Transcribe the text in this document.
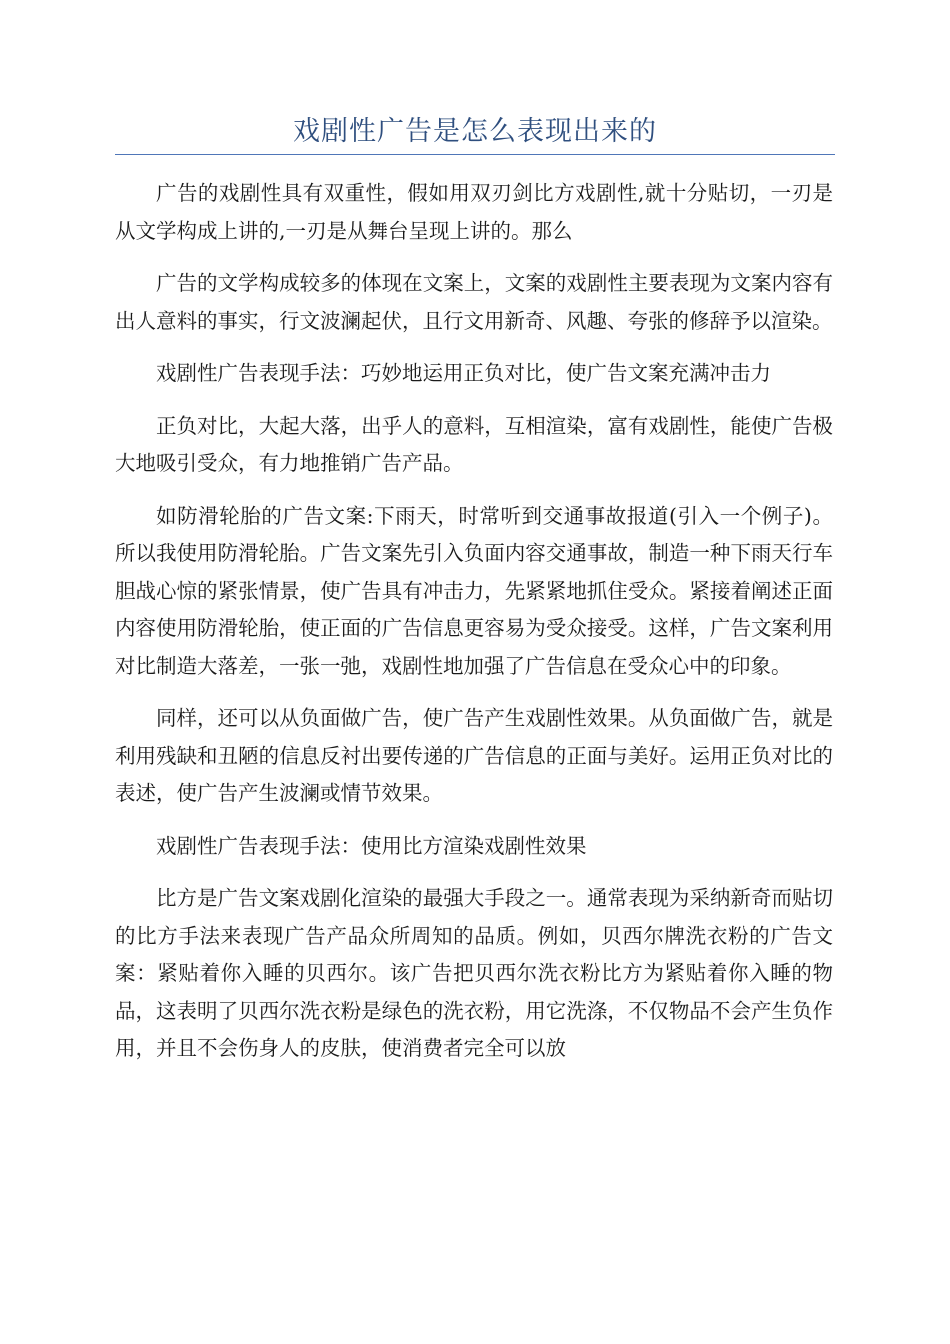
戏剧性广告是怎么表现出来的

广告的戏剧性具有双重性，假如用双刃剑比方戏剧性,就十分贴切，一刃是从文学构成上讲的,一刃是从舞台呈现上讲的。那么

广告的文学构成较多的体现在文案上，文案的戏剧性主要表现为文案内容有出人意料的事实，行文波澜起伏，且行文用新奇、风趣、夸张的修辞予以渲染。

戏剧性广告表现手法：巧妙地运用正负对比，使广告文案充满冲击力

正负对比，大起大落，出乎人的意料，互相渲染，富有戏剧性，能使广告极大地吸引受众，有力地推销广告产品。

如防滑轮胎的广告文案:下雨天，时常听到交通事故报道(引入一个例子)。所以我使用防滑轮胎。广告文案先引入负面内容交通事故，制造一种下雨天行车胆战心惊的紧张情景，使广告具有冲击力，先紧紧地抓住受众。紧接着阐述正面内容使用防滑轮胎，使正面的广告信息更容易为受众接受。这样，广告文案利用对比制造大落差，一张一弛，戏剧性地加强了广告信息在受众心中的印象。

同样，还可以从负面做广告，使广告产生戏剧性效果。从负面做广告，就是利用残缺和丑陋的信息反衬出要传递的广告信息的正面与美好。运用正负对比的表述，使广告产生波澜或情节效果。

戏剧性广告表现手法：使用比方渲染戏剧性效果

比方是广告文案戏剧化渲染的最强大手段之一。通常表现为采纳新奇而贴切的比方手法来表现广告产品众所周知的品质。例如，贝西尔牌洗衣粉的广告文案：紧贴着你入睡的贝西尔。该广告把贝西尔洗衣粉比方为紧贴着你入睡的物品，这表明了贝西尔洗衣粉是绿色的洗衣粉，用它洗涤，不仅物品不会产生负作用，并且不会伤身人的皮肤，使消费者完全可以放
